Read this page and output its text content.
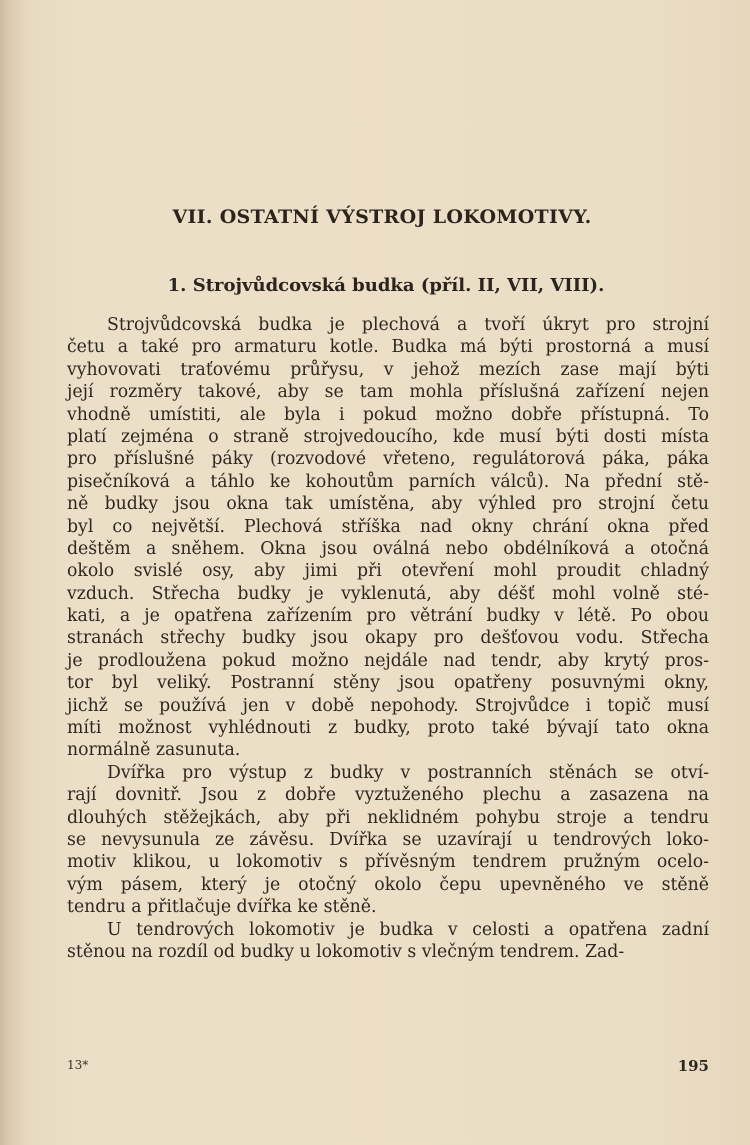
VII. OSTATNÍ VÝSTROJ LOKOMOTIVY.
1. Strojvůdcovská budka (příl. II, VII, VIII).

Strojvůdcovská budka je plechová a tvoří úkryt pro strojní
četu a také pro armaturu kotle. Budka má býti prostorná a musí
vyhovovati traťovému průřysu, v jehož mezích zase mají býti
její rozměry takové, aby se tam mohla příslušná zařízení nejen
vhodně umístiti, ale byla i pokud možno dobře přístupná. To
platí zejména o straně strojvedoucího, kde musí býti dosti místa
pro příslušné páky (rozvodové vřeteno, regulátorová páka, páka
pisečníková a táhlo ke kohoutům parních válců). Na přední stě-
ně budky jsou okna tak umístěna, aby výhled pro strojní četu
byl co největší. Plechová stříška nad okny chrání okna před
deštěm a sněhem. Okna jsou oválná nebo obdélníková a otočná
okolo svislé osy, aby jimi při otevření mohl proudit chladný
vzduch. Střecha budky je vyklenutá, aby déšť mohl volně sté-
kati, a je opatřena zařízením pro větrání budky v létě. Po obou
stranách střechy budky jsou okapy pro dešťovou vodu. Střecha
je prodloužena pokud možno nejdále nad tendr, aby krytý pros-
tor byl veliký. Postranní stěny jsou opatřeny posuvnými okny,
jichž se používá jen v době nepohody. Strojvůdce i topič musí
míti možnost vyhlédnouti z budky, proto také bývají tato okna
normálně zasunuta.

Dvířka pro výstup z budky v postranních stěnách se otví-
rají dovnitř. Jsou z dobře vyztuženého plechu a zasazena na
dlouhých stěžejkách, aby při neklidném pohybu stroje a tendru
se nevysunula ze závěsu. Dvířka se uzavírají u tendrových loko-
motiv klikou, u lokomotiv s přívěsným tendrem pružným ocelo-
vým pásem, který je otočný okolo čepu upevněného ve stěně
tendru a přitlačuje dvířka ke stěně.

U tendrových lokomotiv je budka v celosti a opatřena zadní
stěnou na rozdíl od budky u lokomotiv s vlečným tendrem. Zad-

13*	195
